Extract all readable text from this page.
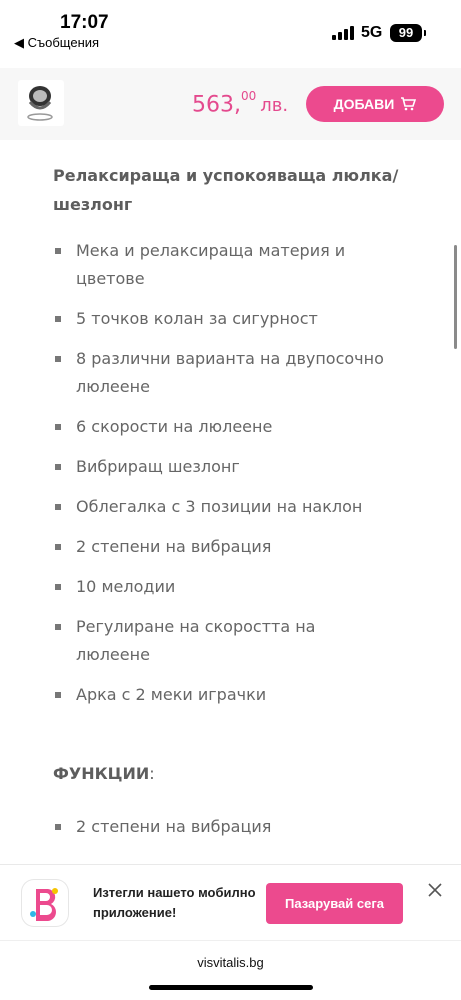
17:07
◀ Съобщения
5G	99
563,00 лв.	ДОБАВИ
Релаксираща и успокояваща люлка/ шезлонг
Мека и релаксираща материя и цветове
5 точков колан за сигурност
8 различни варианта на двупосочно люлеене
6 скорости на люлеене
Вибриращ шезлонг
Облегалка с 3 позиции на наклон
2 степени на вибрация
10 мелодии
Регулиране на скоростта на люлеене
Арка с 2 меки играчки
ФУНКЦИИ:
2 степени на вибрация
Изтегли нашето мобилно приложение!
Пазарувай сега
visvitalis.bg
